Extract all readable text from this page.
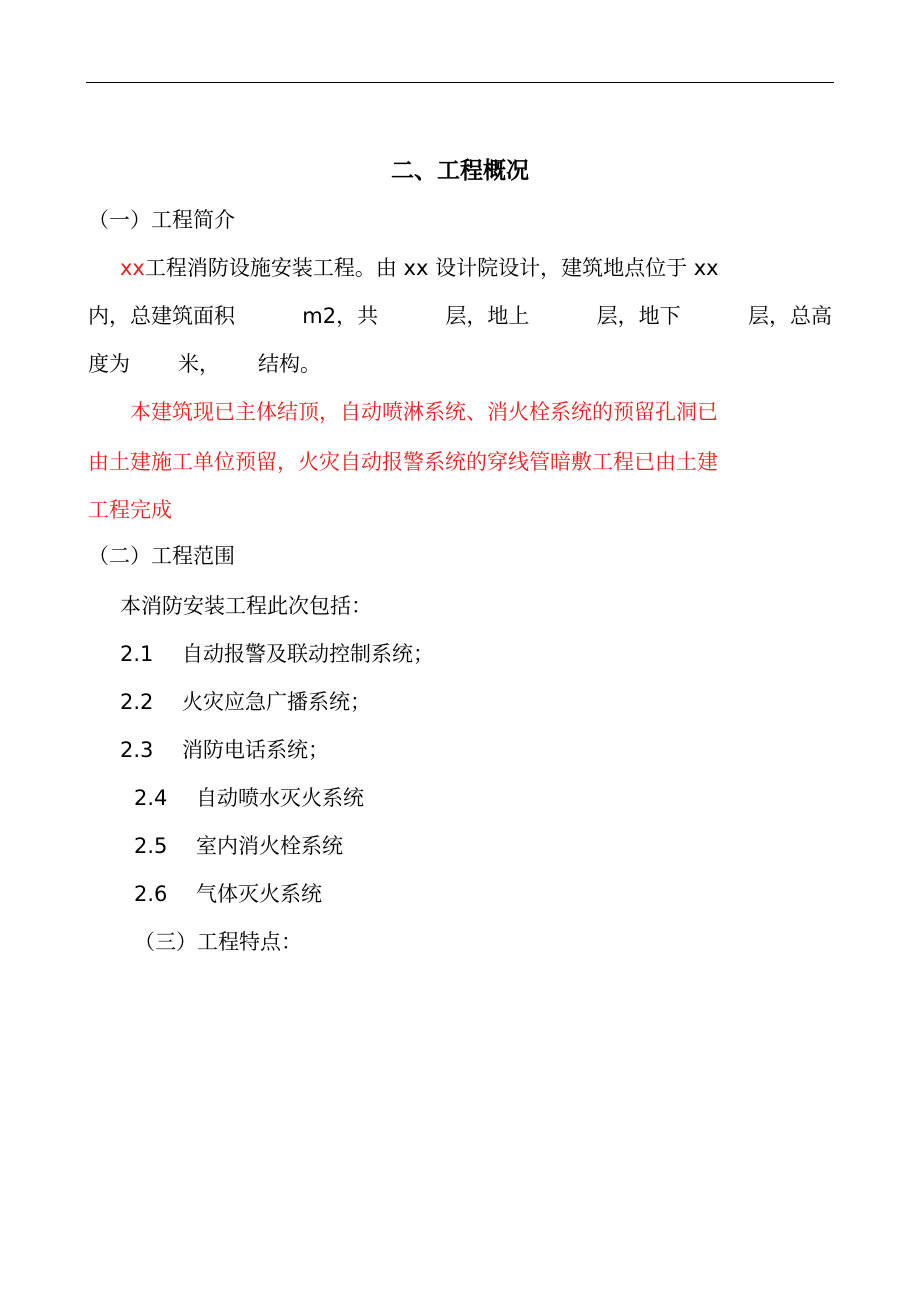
二、工程概况
（一）工程简介
xx工程消防设施安装工程。由 xx 设计院设计，建筑地点位于 xx
内，总建筑面积	m2，共	层，地上	层，地下	层，总高
度为 米， 结构。
本建筑现已主体结顶，自动喷淋系统、消火栓系统的预留孔洞已
由土建施工单位预留，火灾自动报警系统的穿线管暗敷工程已由土建
工程完成
（二）工程范围
本消防安装工程此次包括：
2.1 自动报警及联动控制系统；
2.2 火灾应急广播系统；
2.3 消防电话系统；
2.4 自动喷水灭火系统
2.5 室内消火栓系统
2.6 气体灭火系统
（三）工程特点：
